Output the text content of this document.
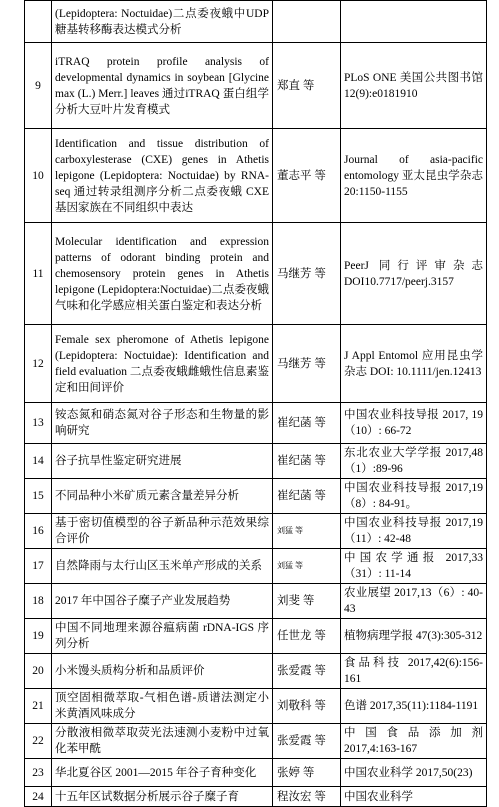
	(Lepidoptera: Noctuidae)二点委夜蛾中UDP 糖基转移酶表达模式分析		
9	iTRAQ protein profile analysis of developmental dynamics in soybean [Glycine max (L.) Merr.] leaves 通过iTRAQ 蛋白组学分析大豆叶片发育模式	郑直 等	PLoS ONE 美国公共图书馆 12(9):e0181910
10	Identification and tissue distribution of carboxylesterase (CXE) genes in Athetis lepigone (Lepidoptera: Noctuidae) by RNA-seq 通过转录组测序分析二点委夜蛾 CXE 基因家族在不同组织中表达	董志平 等	Journal of asia-pacific entomology 亚太昆虫学杂志 20:1150-1155
11	Molecular identification and expression patterns of odorant binding protein and chemosensory protein genes in Athetis lepigone (Lepidoptera:Noctuidae)二点委夜蛾气味和化学感应相关蛋白鉴定和表达分析	马继芳 等	PeerJ 同行评审杂志 DOI10.7717/peerj.3157
12	Female sex pheromone of Athetis lepigone (Lepidoptera: Noctuidae): Identification and field evaluation 二点委夜蛾雌蛾性信息素鉴定和田间评价	马继芳 等	J Appl Entomol 应用昆虫学杂志 DOI: 10.1111/jen.12413
13	铵态氮和硝态氮对谷子形态和生物量的影响研究	崔纪菡 等	中国农业科技导报 2017, 19（10）: 66-72
14	谷子抗旱性鉴定研究进展	崔纪菡 等	东北农业大学学报 2017,48（1）:89-96
15	不同品种小米矿质元素含量差异分析	崔纪菡 等	中国农业科技导报 2017,19（8）: 84-91。
16	基于密切值模型的谷子新品种示范效果综合评价	刘猛 等	中国农业科技导报 2017,19（11）: 42-48
17	自然降雨与太行山区玉米单产形成的关系	刘猛 等	中国农学通报 2017,33（31）: 11-14
18	2017 年中国谷子糜子产业发展趋势	刘斐 等	农业展望 2017,13（6）: 40-43
19	中国不同地理来源谷瘟病菌 rDNA-IGS 序列分析	任世龙 等	植物病理学报 47(3):305-312
20	小米馒头质构分析和品质评价	张爱霞 等	食品科技 2017,42(6):156-161
21	顶空固相微萃取-气相色谱-质谱法测定小米黄酒风味成分	刘敬科 等	色谱 2017,35(11):1184-1191
22	分散液相微萃取荧光法速测小麦粉中过氧化苯甲酰	张爱霞 等	中国食品添加剂 2017,4:163-167
23	华北夏谷区 2001—2015 年谷子育种变化	张婷 等	中国农业科学 2017,50(23)
24	十五年区试数据分析展示谷子糜子育	程汝宏 等	中国农业科学
